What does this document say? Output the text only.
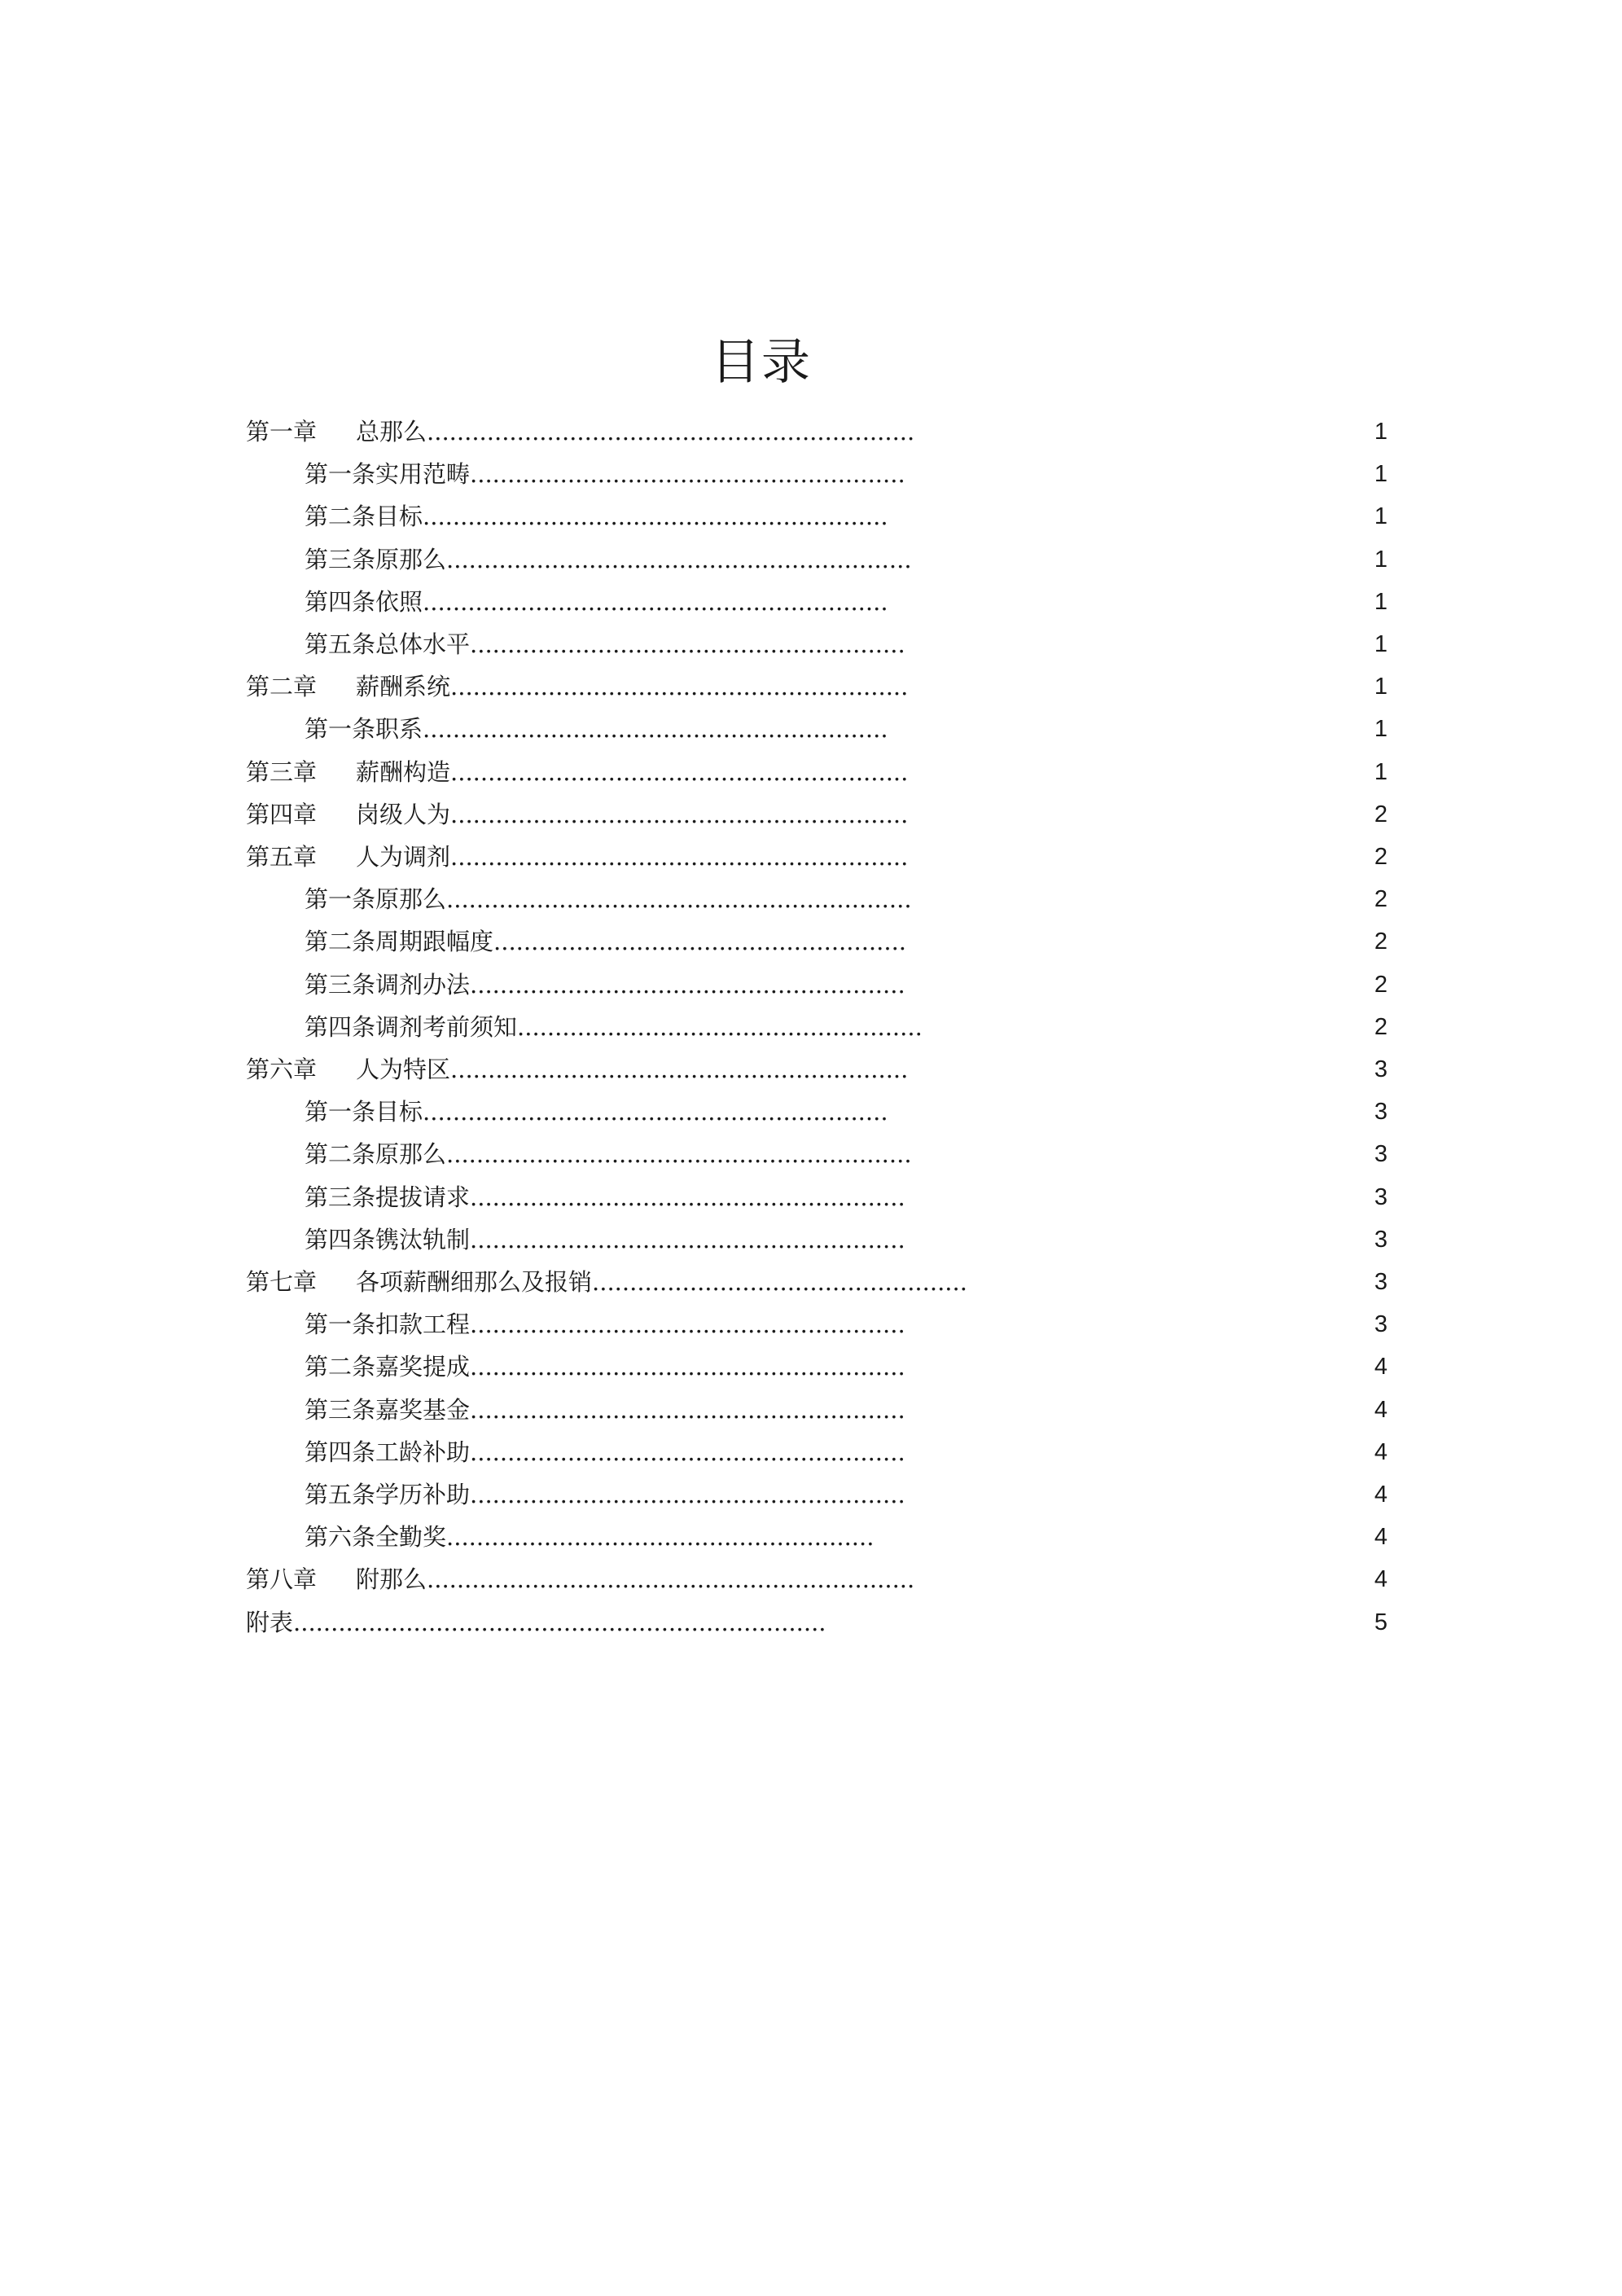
目录
第一章 总那么.................................................................	1
第一条实用范畴..........................................................	1
第二条目标..............................................................	1
第三条原那么..............................................................	1
第四条依照..............................................................	1
第五条总体水平..........................................................	1
第二章 薪酬系统.............................................................	1
第一条职系..............................................................	1
第三章 薪酬构造.............................................................	1
第四章 岗级人为.............................................................	2
第五章 人为调剂.............................................................	2
第一条原那么..............................................................	2
第二条周期跟幅度.......................................................	2
第三条调剂办法..........................................................	2
第四条调剂考前须知......................................................	2
第六章 人为特区.............................................................	3
第一条目标..............................................................	3
第二条原那么..............................................................	3
第三条提拔请求..........................................................	3
第四条镌汰轨制..........................................................	3
第七章 各项薪酬细那么及报销..................................................	3
第一条扣款工程..........................................................	3
第二条嘉奖提成..........................................................	4
第三条嘉奖基金..........................................................	4
第四条工龄补助..........................................................	4
第五条学历补助..........................................................	4
第六条全勤奖.........................................................	4
第八章 附那么.................................................................	4
附表.......................................................................	5
